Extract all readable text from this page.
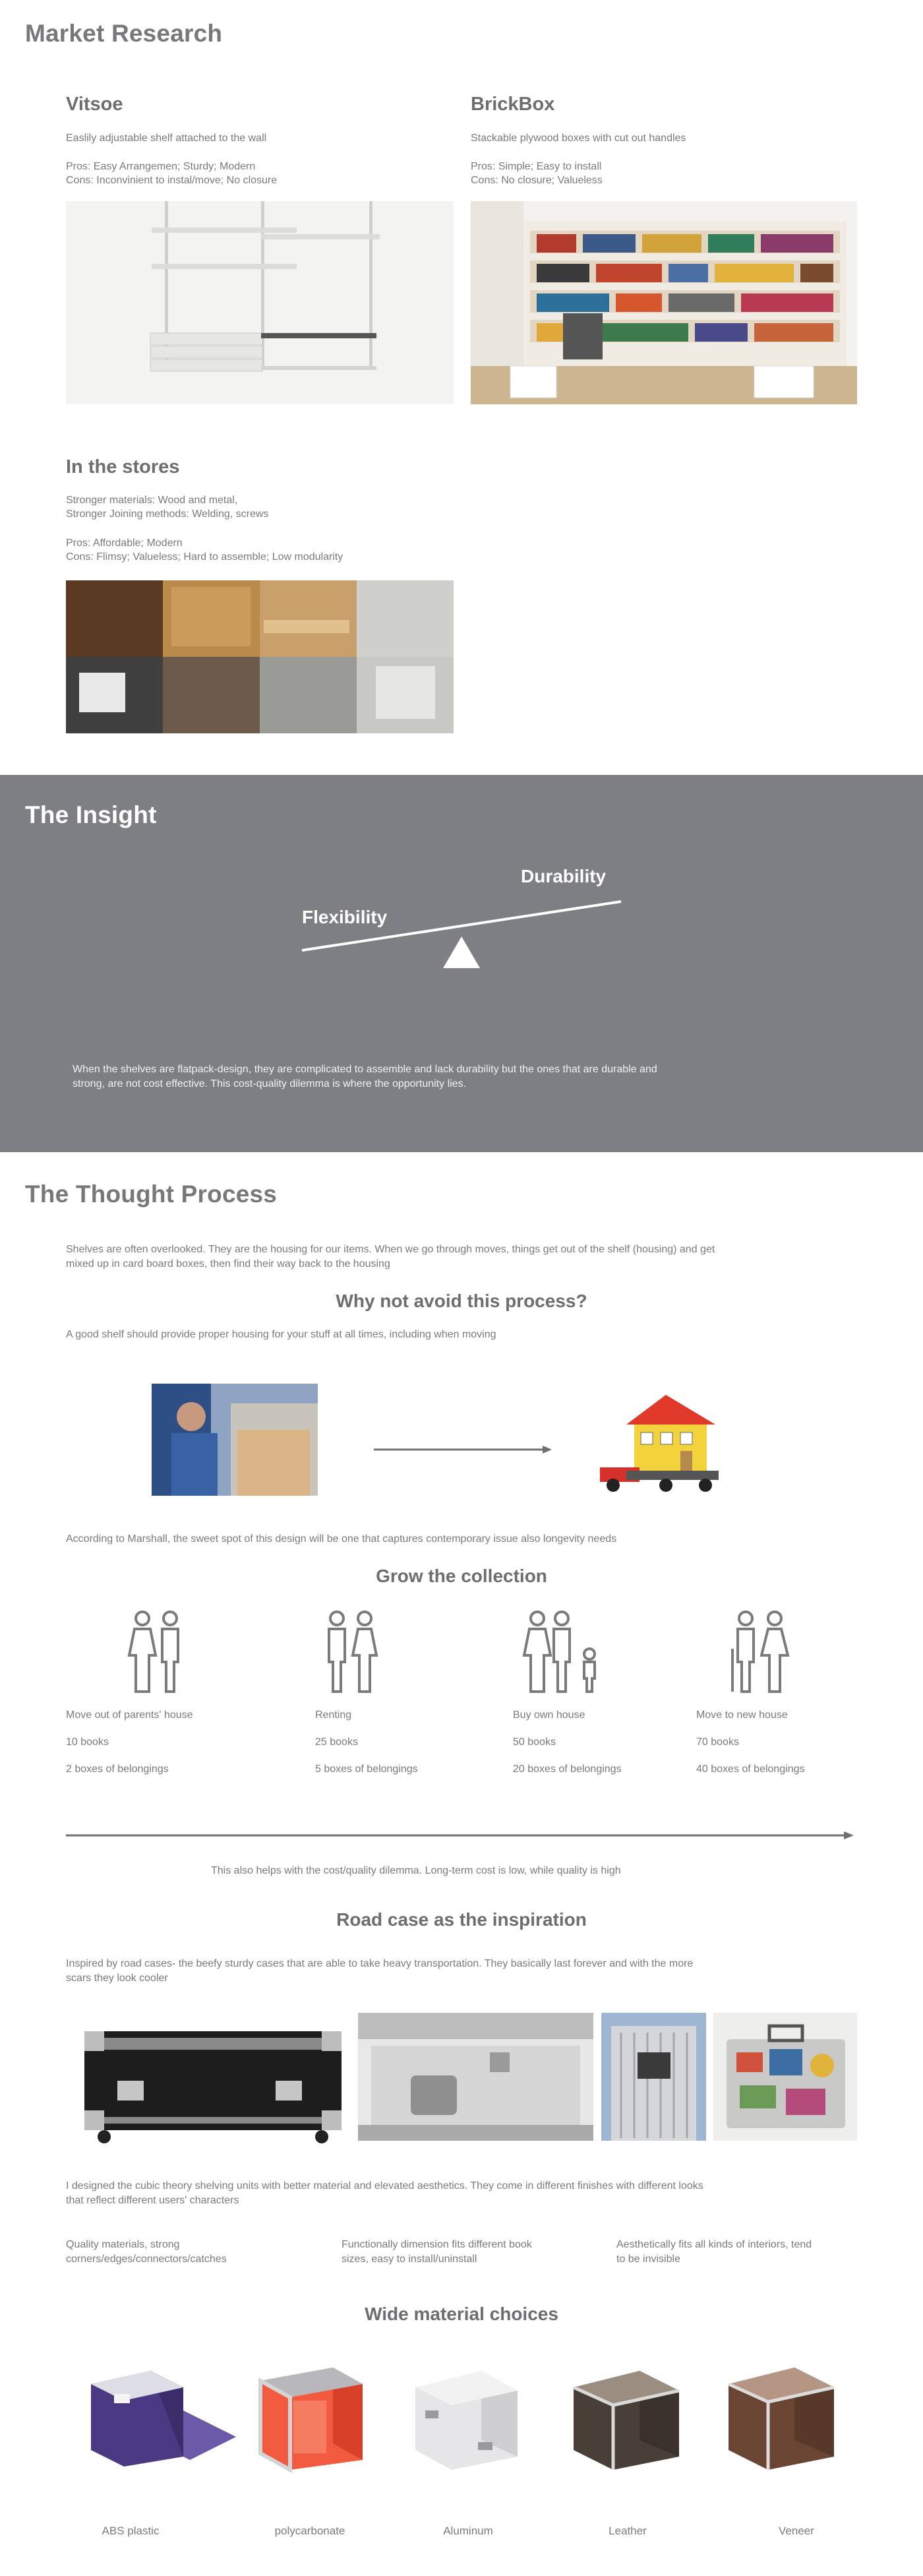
Market Research
Vitsoe
Easlily adjustable shelf attached to the wall
Pros: Easy Arrangemen; Sturdy; Modern
Cons: Inconvinient to instal/move; No closure
BrickBox
Stackable plywood boxes with cut out handles
Pros: Simple; Easy to install
Cons: No closure; Valueless
In the stores
Stronger materials: Wood and metal,
Stronger Joining methods: Welding, screws
Pros: Affordable; Modern
Cons: Flimsy; Valueless; Hard to assemble; Low modularity
The Insight
Durability
Flexibility
When the shelves are flatpack-design, they are complicated to assemble and lack durability but the ones that are durable and
strong, are not cost effective. This cost-quality dilemma is where the opportunity lies.
The Thought Process
Shelves are often overlooked. They are the housing for our items. When we go through moves, things get out of the shelf (housing) and get
mixed up in card board boxes, then find their way back to the housing
Why not avoid this process?
A good shelf should provide proper housing for your stuff at all times, including when moving
According to Marshall, the sweet spot of this design will be one that captures contemporary issue also longevity needs
Grow the collection
Move out of parents' house
10 books
2 boxes of belongings
Renting
25 books
5 boxes of belongings
Buy own house
50 books
20 boxes of belongings
Move to new house
70 books
40 boxes of belongings
This also helps with the cost/quality dilemma. Long-term cost is low, while quality is high
Road case as the inspiration
Inspired by road cases- the beefy sturdy cases that are able to take heavy transportation. They basically last forever and with the more
scars they look cooler
I designed the cubic theory shelving units with better material and elevated aesthetics. They come in different finishes with different looks
that reflect different users' characters
Quality materials, strong
corners/edges/connectors/catches
Functionally dimension fits different book
sizes, easy to install/uninstall
Aesthetically fits all kinds of interiors, tend
to be invisible
Wide material choices
ABS plastic	polycarbonate	Aluminum	Leather	Veneer
